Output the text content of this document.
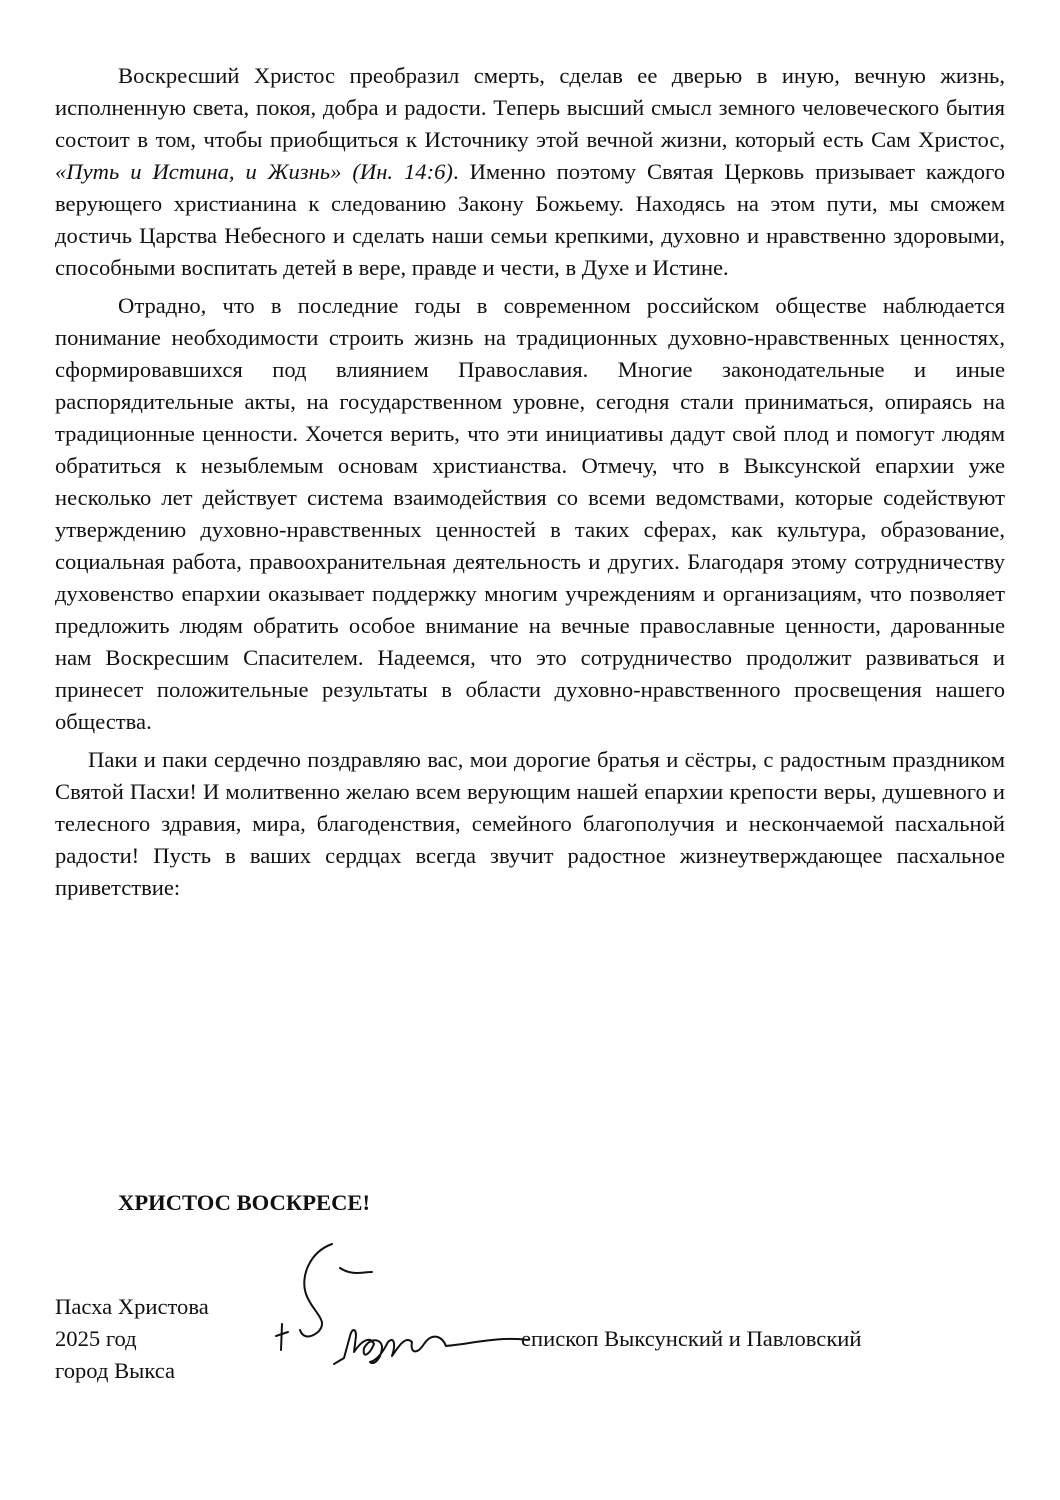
Воскресший Христос преобразил смерть, сделав ее дверью в иную, вечную жизнь, исполненную света, покоя, добра и радости. Теперь высший смысл земного человеческого бытия состоит в том, чтобы приобщиться к Источнику этой вечной жизни, который есть Сам Христос, «Путь и Истина, и Жизнь» (Ин. 14:6). Именно поэтому Святая Церковь призывает каждого верующего христианина к следованию Закону Божьему. Находясь на этом пути, мы сможем достичь Царства Небесного и сделать наши семьи крепкими, духовно и нравственно здоровыми, способными воспитать детей в вере, правде и чести, в Духе и Истине.

Отрадно, что в последние годы в современном российском обществе наблюдается понимание необходимости строить жизнь на традиционных духовно-нравственных ценностях, сформировавшихся под влиянием Православия. Многие законодательные и иные распорядительные акты, на государственном уровне, сегодня стали приниматься, опираясь на традиционные ценности. Хочется верить, что эти инициативы дадут свой плод и помогут людям обратиться к незыблемым основам христианства. Отмечу, что в Выксунской епархии уже несколько лет действует система взаимодействия со всеми ведомствами, которые содействуют утверждению духовно-нравственных ценностей в таких сферах, как культура, образование, социальная работа, правоохранительная деятельность и других. Благодаря этому сотрудничеству духовенство епархии оказывает поддержку многим учреждениям и организациям, что позволяет предложить людям обратить особое внимание на вечные православные ценности, дарованные нам Воскресшим Спасителем. Надеемся, что это сотрудничество продолжит развиваться и принесет положительные результаты в области духовно-нравственного просвещения нашего общества.

Паки и паки сердечно поздравляю вас, мои дорогие братья и сёстры, с радостным праздником Святой Пасхи! И молитвенно желаю всем верующим нашей епархии крепости веры, душевного и телесного здравия, мира, благоденствия, семейного благополучия и нескончаемой пасхальной радости! Пусть в ваших сердцах всегда звучит радостное жизнеутверждающее пасхальное приветствие:

ХРИСТОС ВОСКРЕСЕ!

Пасха Христова
2025 год
город Выкса
епископ Выксунский и Павловский
